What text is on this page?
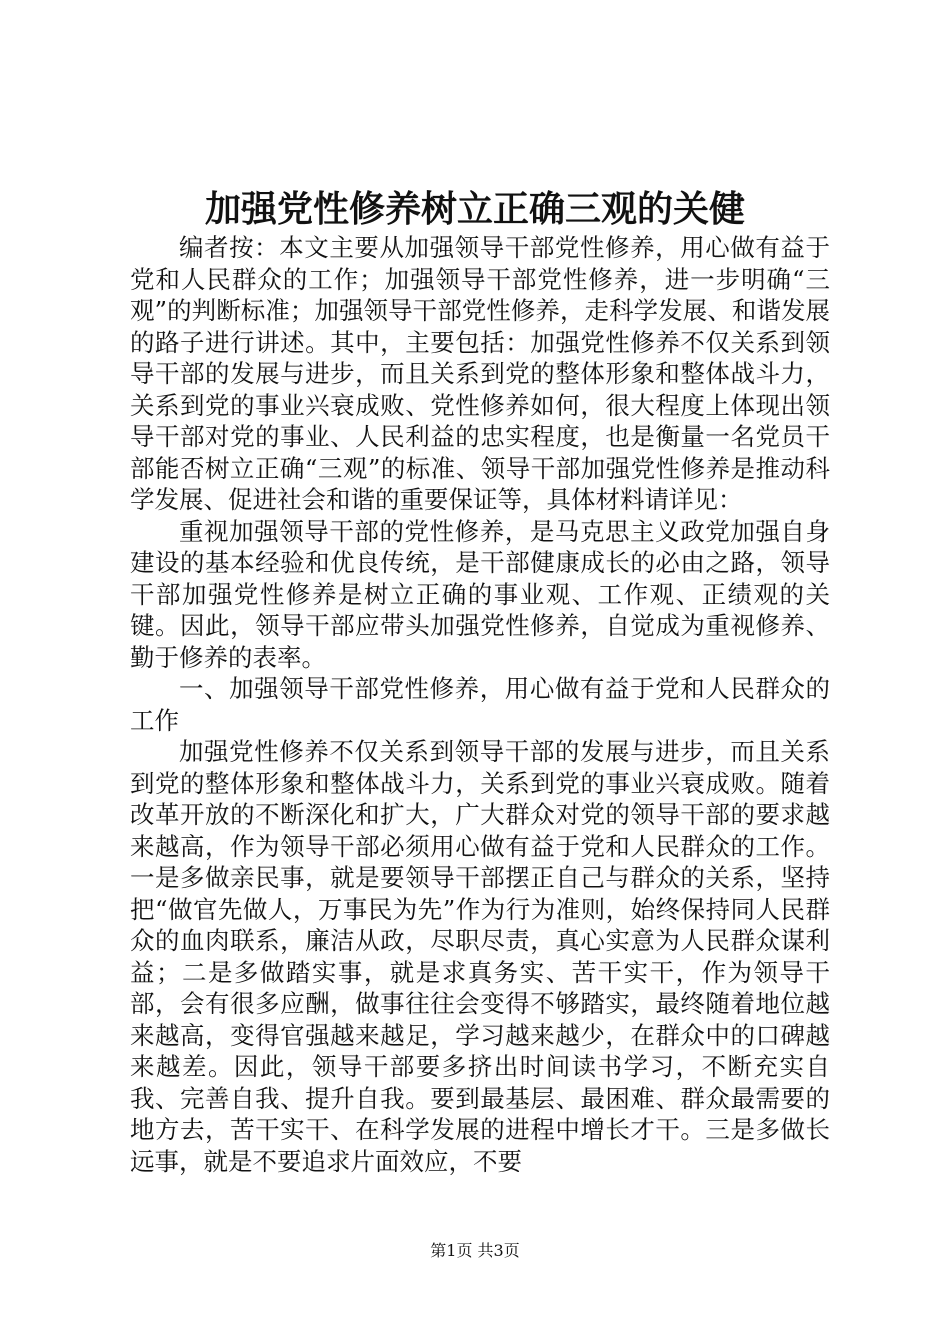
加强党性修养树立正确三观的关健

编者按：本文主要从加强领导干部党性修养，用心做有益于党和人民群众的工作；加强领导干部党性修养，进一步明确“三观”的判断标准；加强领导干部党性修养，走科学发展、和谐发展的路子进行讲述。其中，主要包括：加强党性修养不仅关系到领导干部的发展与进步，而且关系到党的整体形象和整体战斗力，关系到党的事业兴衰成败、党性修养如何，很大程度上体现出领导干部对党的事业、人民利益的忠实程度，也是衡量一名党员干部能否树立正确“三观”的标准、领导干部加强党性修养是推动科学发展、促进社会和谐的重要保证等，具体材料请详见：

重视加强领导干部的党性修养，是马克思主义政党加强自身建设的基本经验和优良传统，是干部健康成长的必由之路，领导干部加强党性修养是树立正确的事业观、工作观、正绩观的关键。因此，领导干部应带头加强党性修养，自觉成为重视修养、勤于修养的表率。

一、加强领导干部党性修养，用心做有益于党和人民群众的工作

加强党性修养不仅关系到领导干部的发展与进步，而且关系到党的整体形象和整体战斗力，关系到党的事业兴衰成败。随着改革开放的不断深化和扩大，广大群众对党的领导干部的要求越来越高，作为领导干部必须用心做有益于党和人民群众的工作。一是多做亲民事，就是要领导干部摆正自己与群众的关系，坚持把“做官先做人，万事民为先”作为行为准则，始终保持同人民群众的血肉联系，廉洁从政，尽职尽责，真心实意为人民群众谋利益；二是多做踏实事，就是求真务实、苦干实干，作为领导干部，会有很多应酬，做事往往会变得不够踏实，最终随着地位越来越高，变得官强越来越足，学习越来越少，在群众中的口碑越来越差。因此，领导干部要多挤出时间读书学习，不断充实自我、完善自我、提升自我。要到最基层、最困难、群众最需要的地方去，苦干实干、在科学发展的进程中增长才干。三是多做长远事，就是不要追求片面效应，不要

第1页 共3页
